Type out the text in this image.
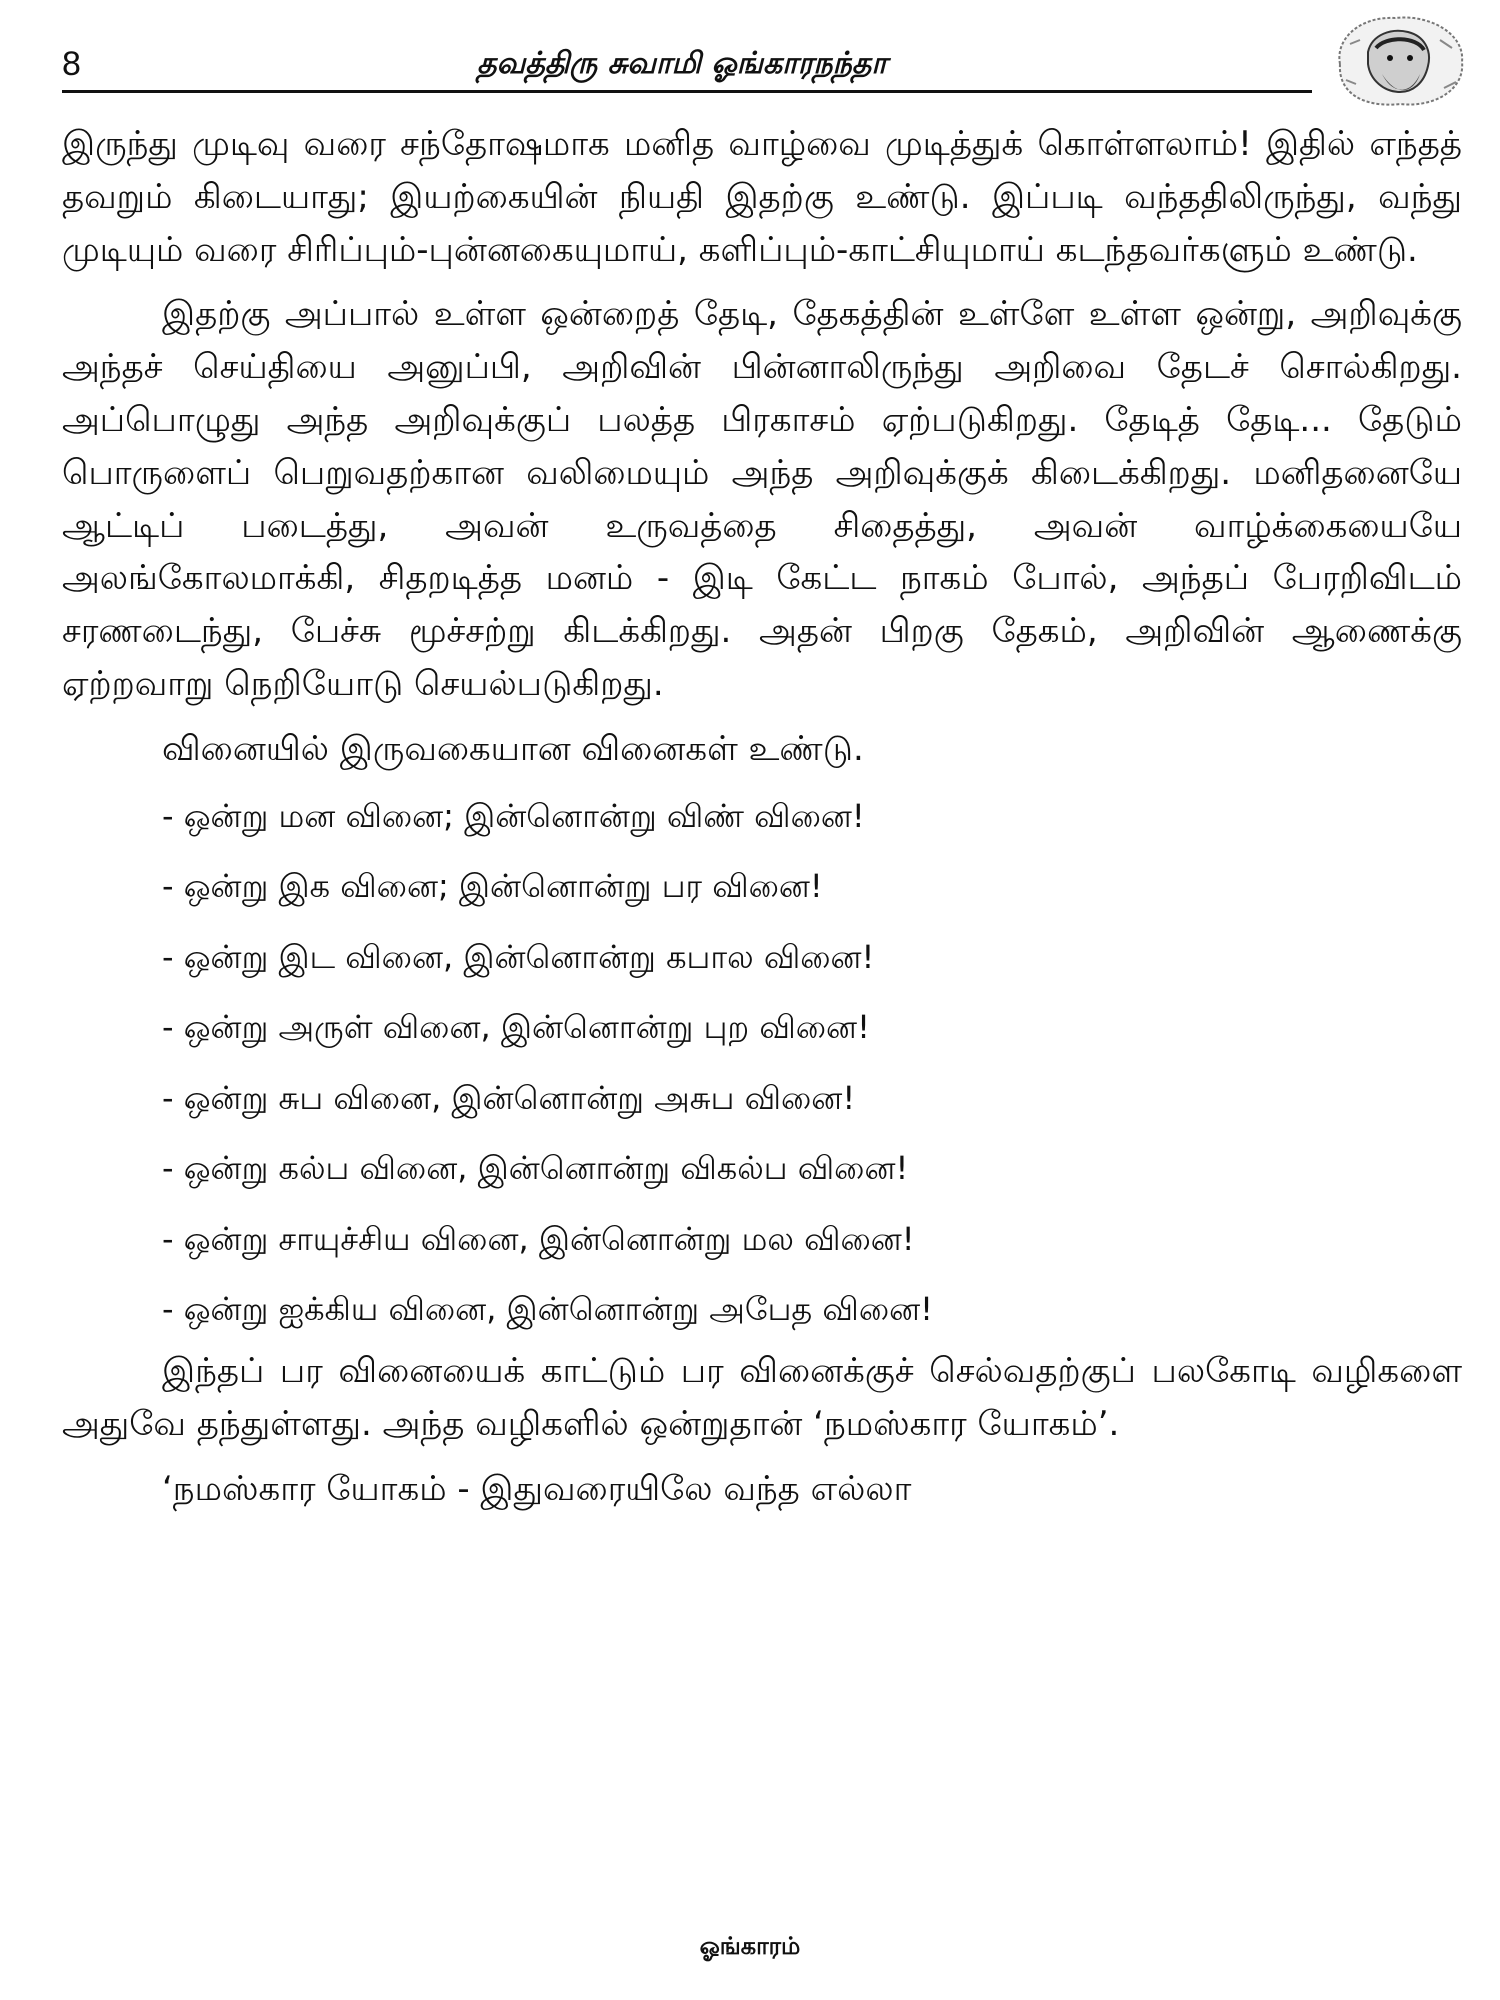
8	தவத்திரு சுவாமி ஓங்காரநந்தா

இருந்து முடிவு வரை சந்தோஷமாக மனித வாழ்வை முடித்துக் கொள்ளலாம்! இதில் எந்தத் தவறும் கிடையாது; இயற்கையின் நியதி இதற்கு உண்டு. இப்படி வந்ததிலிருந்து, வந்து முடியும் வரை சிரிப்பும்-புன்னகையுமாய், களிப்பும்-காட்சியுமாய் கடந்தவர்களும் உண்டு.

இதற்கு அப்பால் உள்ள ஒன்றைத் தேடி, தேகத்தின் உள்ளே உள்ள ஒன்று, அறிவுக்கு அந்தச் செய்தியை அனுப்பி, அறிவின் பின்னாலிருந்து அறிவை தேடச் சொல்கிறது. அப்பொழுது அந்த அறிவுக்குப் பலத்த பிரகாசம் ஏற்படுகிறது. தேடித் தேடி... தேடும் பொருளைப் பெறுவதற்கான வலிமையும் அந்த அறிவுக்குக் கிடைக்கிறது. மனிதனையே ஆட்டிப் படைத்து, அவன் உருவத்தை சிதைத்து, அவன் வாழ்க்கையையே அலங்கோலமாக்கி, சிதறடித்த மனம் - இடி கேட்ட நாகம் போல், அந்தப் பேரறிவிடம் சரணடைந்து, பேச்சு மூச்சற்று கிடக்கிறது. அதன் பிறகு தேகம், அறிவின் ஆணைக்கு ஏற்றவாறு நெறியோடு செயல்படுகிறது.

வினையில் இருவகையான வினைகள் உண்டு.

- ஒன்று மன வினை; இன்னொன்று விண் வினை!
- ஒன்று இக வினை; இன்னொன்று பர வினை!
- ஒன்று இட வினை, இன்னொன்று கபால வினை!
- ஒன்று அருள் வினை, இன்னொன்று புற வினை!
- ஒன்று சுப வினை, இன்னொன்று அசுப வினை!
- ஒன்று கல்ப வினை, இன்னொன்று விகல்ப வினை!
- ஒன்று சாயுச்சிய வினை, இன்னொன்று மல வினை!
- ஒன்று ஐக்கிய வினை, இன்னொன்று அபேத வினை!

இந்தப் பர வினையைக் காட்டும் பர வினைக்குச் செல்வதற்குப் பலகோடி வழிகளை அதுவே தந்துள்ளது. அந்த வழிகளில் ஒன்றுதான் ‘நமஸ்கார யோகம்’.

‘நமஸ்கார யோகம் - இதுவரையிலே வந்த எல்லா

ஓங்காரம்
